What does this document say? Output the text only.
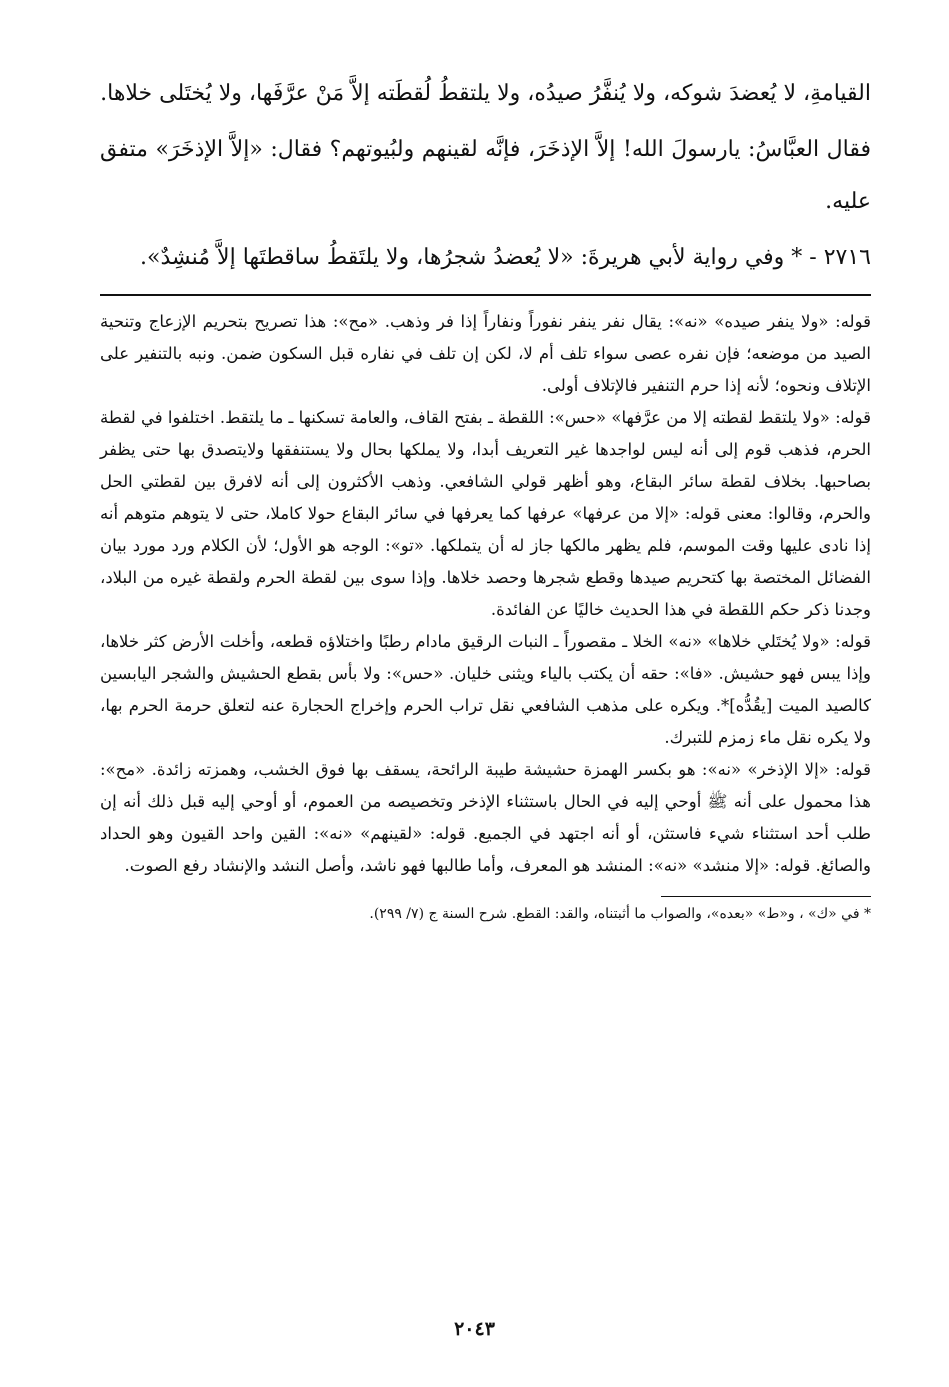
القيامةِ، لا يُعضدَ شوكه، ولا يُنفَّرُ صيدُه، ولا يلتقطُ لُقطَته إلاَّ مَنْ عرَّفَها، ولا يُختَلى خلاها.

فقال العبَّاسُ: يارسولَ الله! إلاَّ الإذخَرَ، فإنَّه لقينهم ولبُيوتهم؟ فقال: «إلاَّ الإذخَرَ» متفق عليه.

٢٧١٦ - * وفي رواية لأبي هريرةَ: «لا يُعضدُ شجرُها، ولا يلتَقطُ ساقطتَها إلاَّ مُنشِدٌ».

قوله: «ولا ينفر صيده» «نه»: يقال نفر ينفر نفوراً ونفاراً إذا فر وذهب. «مح»: هذا تصريح بتحريم الإزعاج وتنحية الصيد من موضعه؛ فإن نفره عصى سواء تلف أم لا، لكن إن تلف في نفاره قبل السكون ضمن. ونبه بالتنفير على الإتلاف ونحوه؛ لأنه إذا حرم التنفير فالإتلاف أولى.

قوله: «ولا يلتقط لقطته إلا من عرَّفها» «حس»: اللقطة ـ بفتح القاف، والعامة تسكنها ـ ما يلتقط. اختلفوا في لقطة الحرم، فذهب قوم إلى أنه ليس لواجدها غير التعريف أبدا، ولا يملكها بحال ولا يستنفقها ولايتصدق بها حتى يظفر بصاحبها. بخلاف لقطة سائر البقاع، وهو أظهر قولي الشافعي. وذهب الأكثرون إلى أنه لافرق بين لقطتي الحل والحرم، وقالوا: معنى قوله: «إلا من عرفها» عرفها كما يعرفها في سائر البقاع حولا كاملا، حتى لا يتوهم متوهم أنه إذا نادى عليها وقت الموسم، فلم يظهر مالكها جاز له أن يتملكها. «تو»: الوجه هو الأول؛ لأن الكلام ورد مورد بيان الفضائل المختصة بها كتحريم صيدها وقطع شجرها وحصد خلاها. وإذا سوى بين لقطة الحرم ولقطة غيره من البلاد، وجدنا ذكر حكم اللقطة في هذا الحديث خاليًا عن الفائدة.

قوله: «ولا يُختَلي خلاها» «نه» الخلا ـ مقصوراً ـ النبات الرقيق مادام رطبًا واختلاؤه قطعه، وأخلت الأرض كثر خلاها، وإذا يبس فهو حشيش. «فا»: حقه أن يكتب بالياء ويثنى خليان. «حس»: ولا بأس بقطع الحشيش والشجر اليابسين كالصيد الميت [يقُدُّه]*. ويكره على مذهب الشافعي نقل تراب الحرم وإخراج الحجارة عنه لتعلق حرمة الحرم بها، ولا يكره نقل ماء زمزم للتبرك.

قوله: «إلا الإذخر» «نه»: هو بكسر الهمزة حشيشة طيبة الرائحة، يسقف بها فوق الخشب، وهمزته زائدة. «مح»: هذا محمول على أنه ﷺ أوحي إليه في الحال باستثناء الإذخر وتخصيصه من العموم، أو أوحي إليه قبل ذلك أنه إن طلب أحد استثناء شيء فاستثن، أو أنه اجتهد في الجميع. قوله: «لقينهم» «نه»: القين واحد القيون وهو الحداد والصائغ. قوله: «إلا منشد» «نه»: المنشد هو المعرف، وأما طالبها فهو ناشد، وأصل النشد والإنشاد رفع الصوت.

* في «ك» ، و«ط» «بعده»، والصواب ما أثبتناه، والقد: القطع. شرح السنة ج (٧/ ٢٩٩).

٢٠٤٣
